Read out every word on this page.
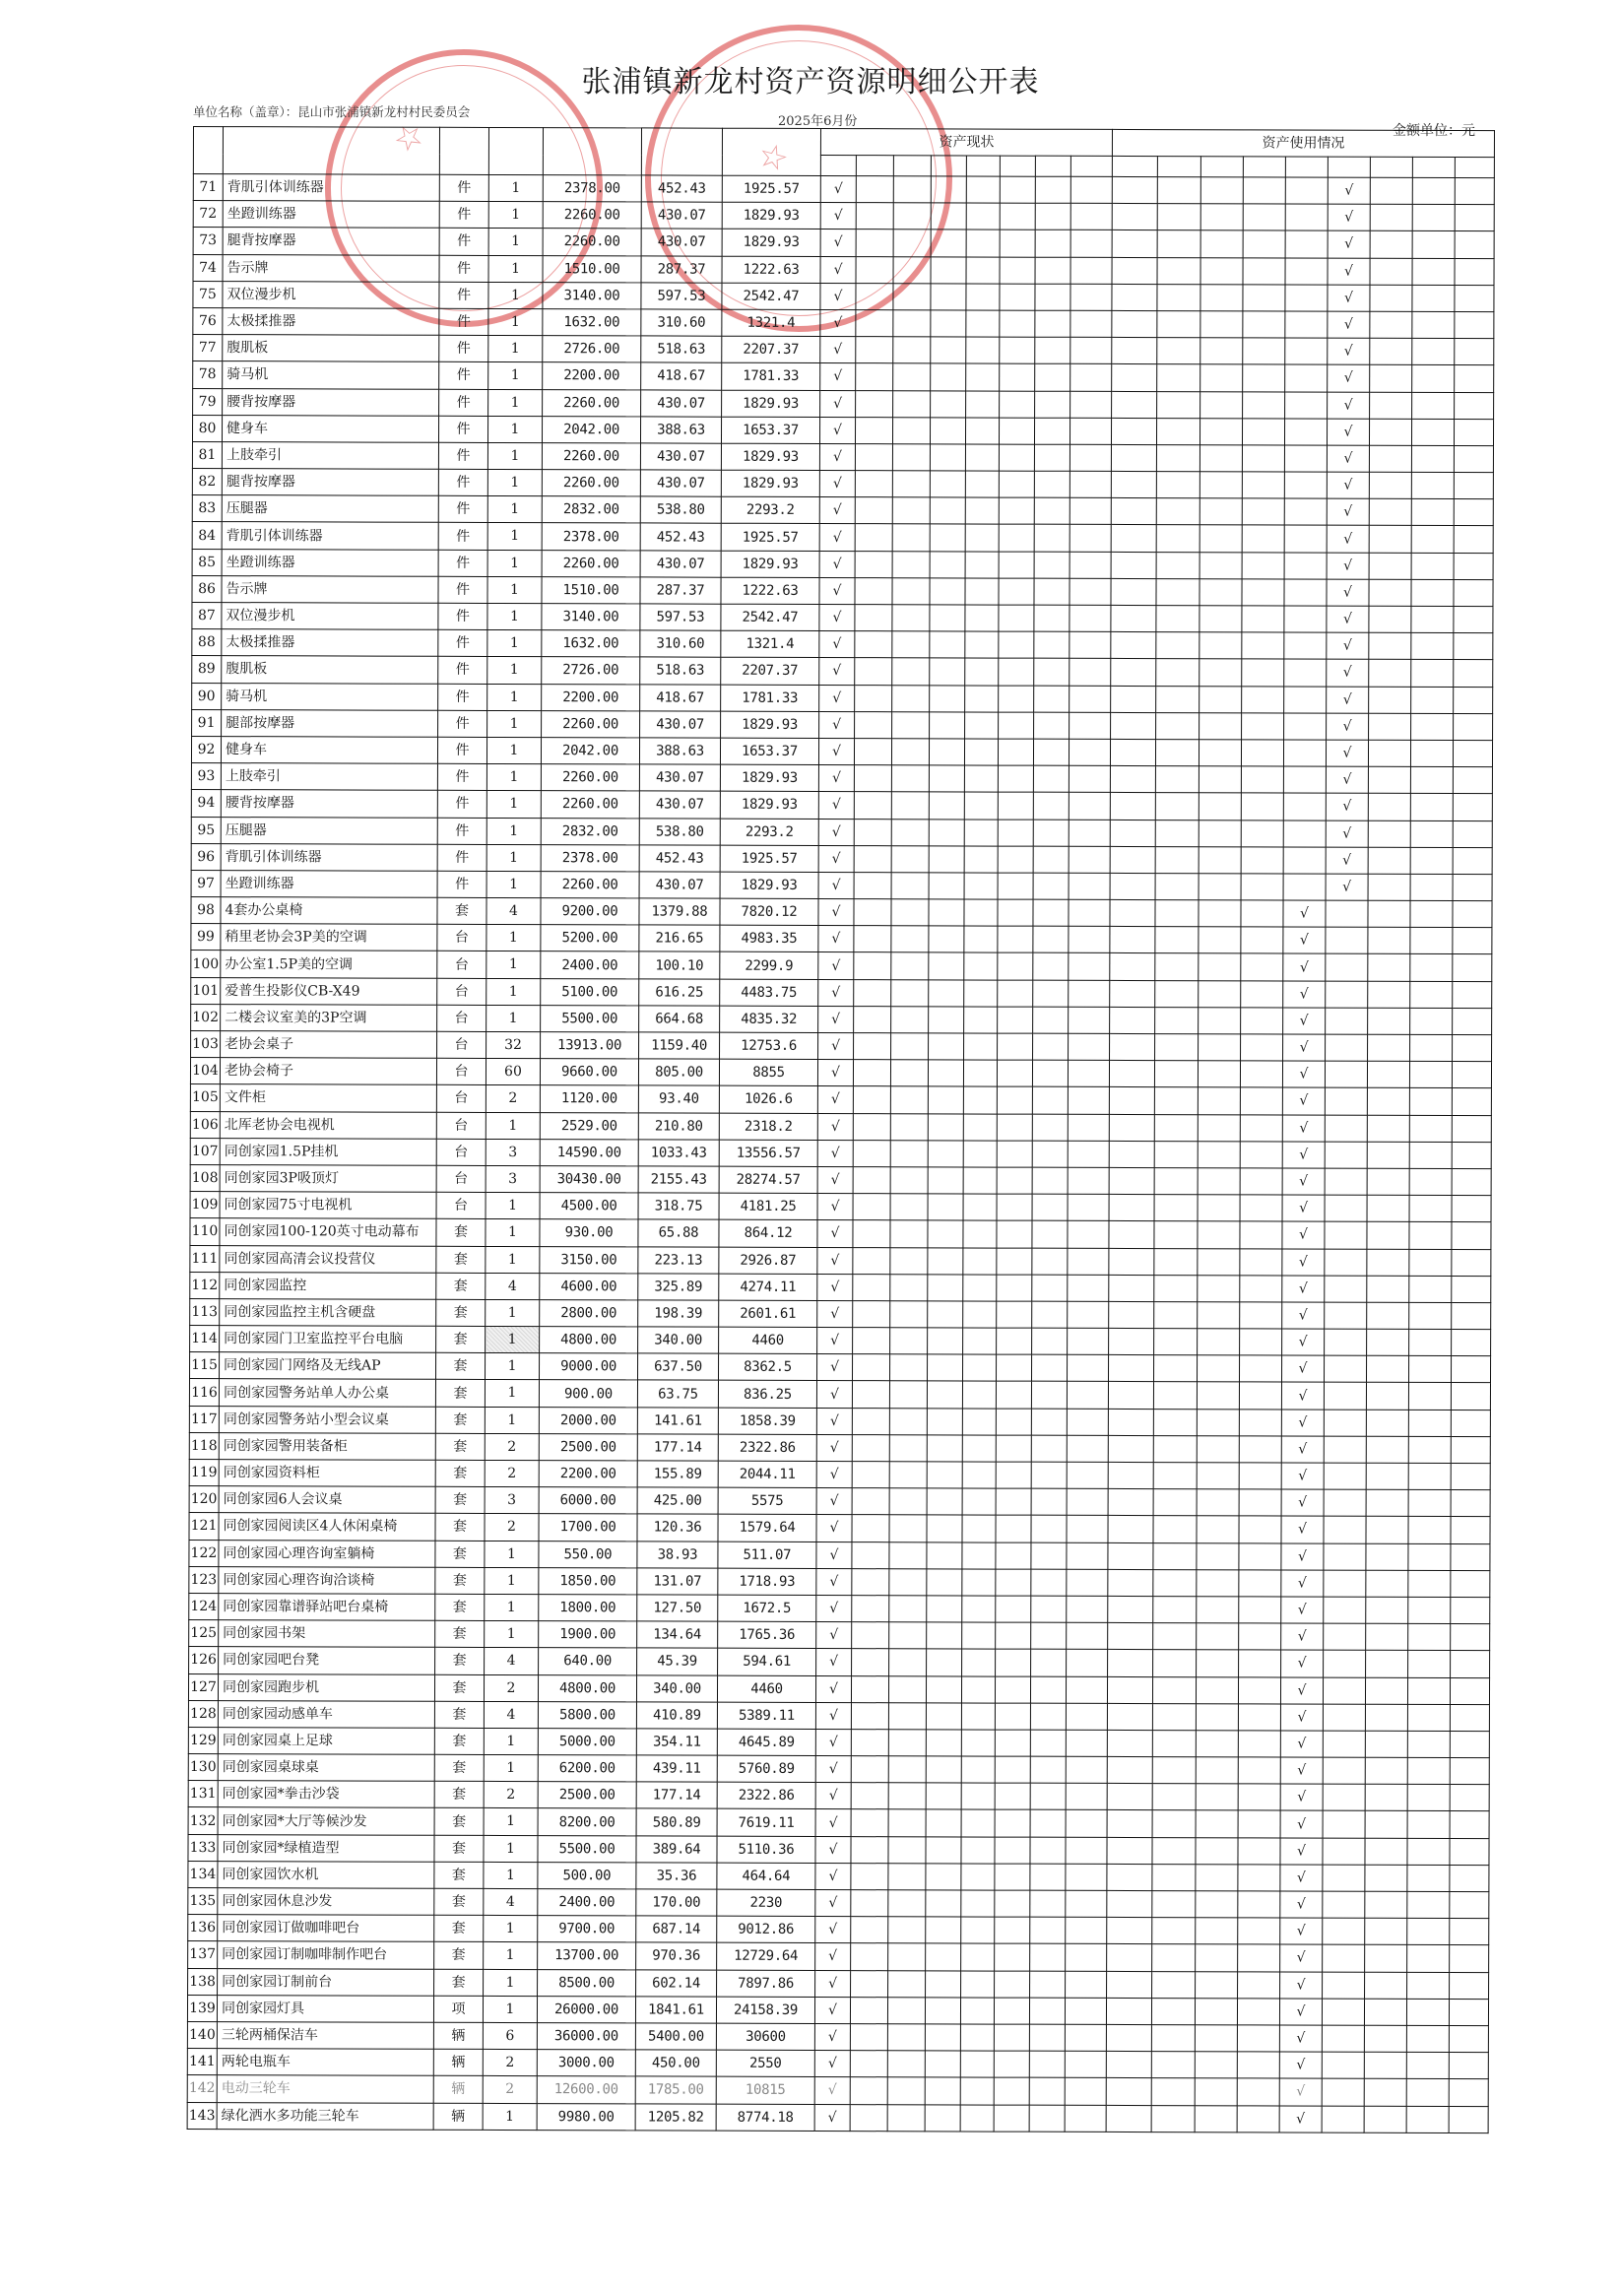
☆	☆
张浦镇新龙村资产资源明细公开表
单位名称（盖章）：昆山市张浦镇新龙村村民委员会
2025年6月份
金额单位：元
							资产现状								资产使用情况								

71	背肌引体训练器	件	1	2378.00	452.43	1925.57	√													√			
72	坐蹬训练器	件	1	2260.00	430.07	1829.93	√													√			
73	腿背按摩器	件	1	2260.00	430.07	1829.93	√													√			
74	告示牌	件	1	1510.00	287.37	1222.63	√													√			
75	双位漫步机	件	1	3140.00	597.53	2542.47	√													√			
76	太极揉推器	件	1	1632.00	310.60	1321.4	√													√			
77	腹肌板	件	1	2726.00	518.63	2207.37	√													√			
78	骑马机	件	1	2200.00	418.67	1781.33	√													√			
79	腰背按摩器	件	1	2260.00	430.07	1829.93	√													√			
80	健身车	件	1	2042.00	388.63	1653.37	√													√			
81	上肢牵引	件	1	2260.00	430.07	1829.93	√													√			
82	腿背按摩器	件	1	2260.00	430.07	1829.93	√													√			
83	压腿器	件	1	2832.00	538.80	2293.2	√													√			
84	背肌引体训练器	件	1	2378.00	452.43	1925.57	√													√			
85	坐蹬训练器	件	1	2260.00	430.07	1829.93	√													√			
86	告示牌	件	1	1510.00	287.37	1222.63	√													√			
87	双位漫步机	件	1	3140.00	597.53	2542.47	√													√			
88	太极揉推器	件	1	1632.00	310.60	1321.4	√													√			
89	腹肌板	件	1	2726.00	518.63	2207.37	√													√			
90	骑马机	件	1	2200.00	418.67	1781.33	√													√			
91	腿部按摩器	件	1	2260.00	430.07	1829.93	√													√			
92	健身车	件	1	2042.00	388.63	1653.37	√													√			
93	上肢牵引	件	1	2260.00	430.07	1829.93	√													√			
94	腰背按摩器	件	1	2260.00	430.07	1829.93	√													√			
95	压腿器	件	1	2832.00	538.80	2293.2	√													√			
96	背肌引体训练器	件	1	2378.00	452.43	1925.57	√													√			
97	坐蹬训练器	件	1	2260.00	430.07	1829.93	√													√			
98	4套办公桌椅	套	4	9200.00	1379.88	7820.12	√												√				
99	稍里老协会3P美的空调	台	1	5200.00	216.65	4983.35	√												√				
100	办公室1.5P美的空调	台	1	2400.00	100.10	2299.9	√												√				
101	爱普生投影仪CB-X49	台	1	5100.00	616.25	4483.75	√												√				
102	二楼会议室美的3P空调	台	1	5500.00	664.68	4835.32	√												√				
103	老协会桌子	台	32	13913.00	1159.40	12753.6	√												√				
104	老协会椅子	台	60	9660.00	805.00	8855	√												√				
105	文件柜	台	2	1120.00	93.40	1026.6	√												√				
106	北厍老协会电视机	台	1	2529.00	210.80	2318.2	√												√				
107	同创家园1.5P挂机	台	3	14590.00	1033.43	13556.57	√												√				
108	同创家园3P吸顶灯	台	3	30430.00	2155.43	28274.57	√												√				
109	同创家园75寸电视机	台	1	4500.00	318.75	4181.25	√												√				
110	同创家园100-120英寸电动幕布	套	1	930.00	65.88	864.12	√												√				
111	同创家园高清会议投营仪	套	1	3150.00	223.13	2926.87	√												√				
112	同创家园监控	套	4	4600.00	325.89	4274.11	√												√				
113	同创家园监控主机含硬盘	套	1	2800.00	198.39	2601.61	√												√				
114	同创家园门卫室监控平台电脑	套	1	4800.00	340.00	4460	√												√				
115	同创家园门网络及无线AP	套	1	9000.00	637.50	8362.5	√												√				
116	同创家园警务站单人办公桌	套	1	900.00	63.75	836.25	√												√				
117	同创家园警务站小型会议桌	套	1	2000.00	141.61	1858.39	√												√				
118	同创家园警用装备柜	套	2	2500.00	177.14	2322.86	√												√				
119	同创家园资料柜	套	2	2200.00	155.89	2044.11	√												√				
120	同创家园6人会议桌	套	3	6000.00	425.00	5575	√												√				
121	同创家园阅读区4人休闲桌椅	套	2	1700.00	120.36	1579.64	√												√				
122	同创家园心理咨询室躺椅	套	1	550.00	38.93	511.07	√												√				
123	同创家园心理咨询洽谈椅	套	1	1850.00	131.07	1718.93	√												√				
124	同创家园靠谱驿站吧台桌椅	套	1	1800.00	127.50	1672.5	√												√				
125	同创家园书架	套	1	1900.00	134.64	1765.36	√												√				
126	同创家园吧台凳	套	4	640.00	45.39	594.61	√												√				
127	同创家园跑步机	套	2	4800.00	340.00	4460	√												√				
128	同创家园动感单车	套	4	5800.00	410.89	5389.11	√												√				
129	同创家园桌上足球	套	1	5000.00	354.11	4645.89	√												√				
130	同创家园桌球桌	套	1	6200.00	439.11	5760.89	√												√				
131	同创家园*拳击沙袋	套	2	2500.00	177.14	2322.86	√												√				
132	同创家园*大厅等候沙发	套	1	8200.00	580.89	7619.11	√												√				
133	同创家园*绿植造型	套	1	5500.00	389.64	5110.36	√												√				
134	同创家园饮水机	套	1	500.00	35.36	464.64	√												√				
135	同创家园休息沙发	套	4	2400.00	170.00	2230	√												√				
136	同创家园订做咖啡吧台	套	1	9700.00	687.14	9012.86	√												√				
137	同创家园订制咖啡制作吧台	套	1	13700.00	970.36	12729.64	√												√				
138	同创家园订制前台	套	1	8500.00	602.14	7897.86	√												√				
139	同创家园灯具	项	1	26000.00	1841.61	24158.39	√												√				
140	三轮两桶保洁车	辆	6	36000.00	5400.00	30600	√												√				
141	两轮电瓶车	辆	2	3000.00	450.00	2550	√												√				
142	电动三轮车	辆	2	12600.00	1785.00	10815	√												√				
143	绿化洒水多功能三轮车	辆	1	9980.00	1205.82	8774.18	√												√				
